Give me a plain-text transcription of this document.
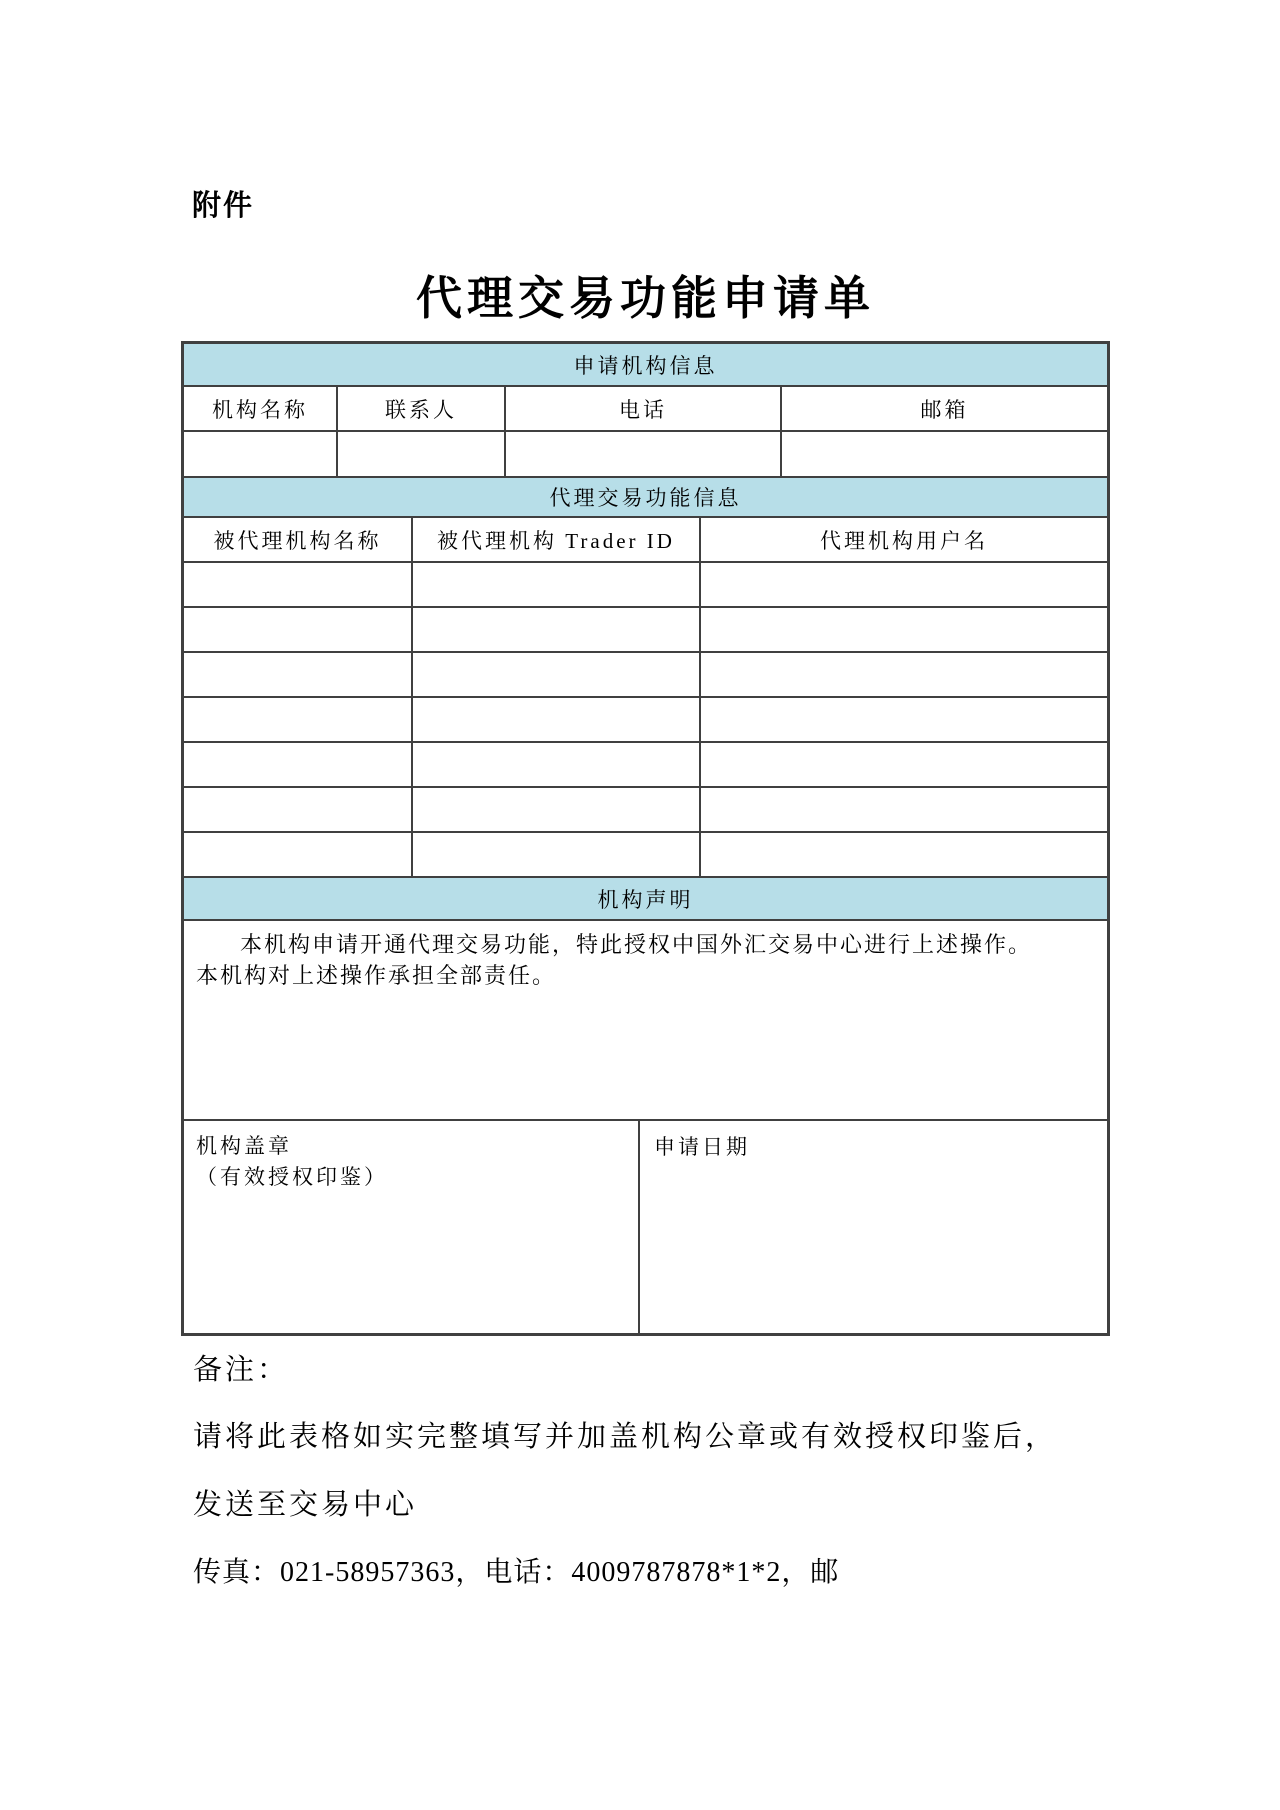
附件
代理交易功能申请单
申请机构信息
机构名称	联系人	电话	邮箱
代理交易功能信息
被代理机构名称	被代理机构 Trader ID	代理机构用户名
机构声明
本机构申请开通代理交易功能，特此授权中国外汇交易中心进行上述操作。
本机构对上述操作承担全部责任。
机构盖章
（有效授权印鉴）
申请日期
备注：
请将此表格如实完整填写并加盖机构公章或有效授权印鉴后，
发送至交易中心
传真：021-58957363，电话：4009787878*1*2，邮
